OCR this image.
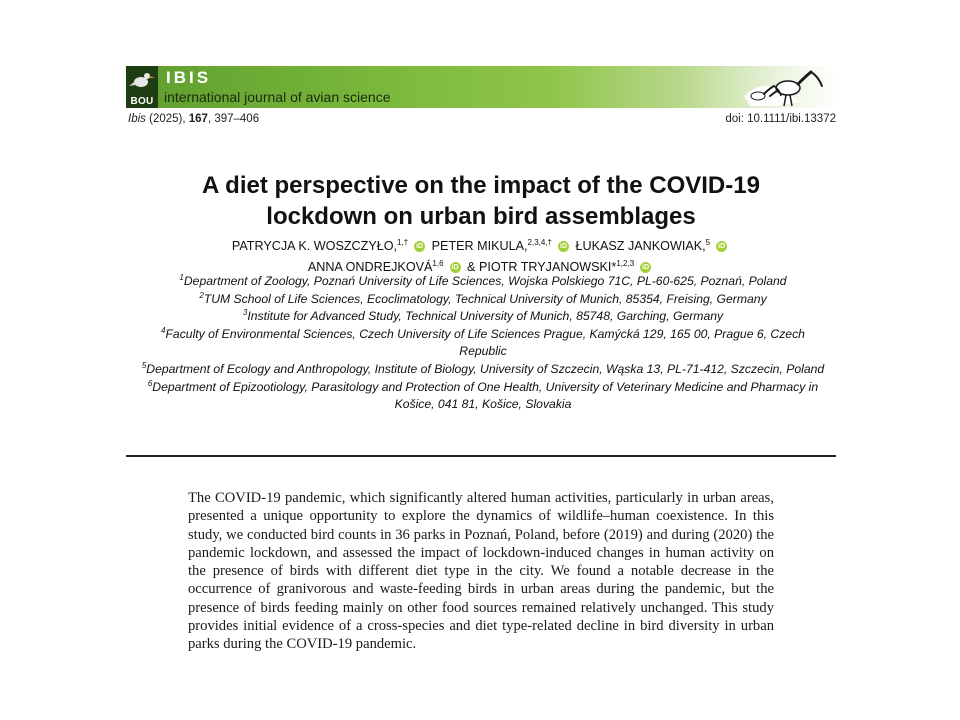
BOU
IBIS
international journal of avian science
Ibis (2025), 167, 397–406	doi: 10.1111/ibi.13372
A diet perspective on the impact of the COVID-19
lockdown on urban bird assemblages
PATRYCJA K. WOSZCZYŁO,$^{1,\dagger}$ iD PETER MIKULA,$^{2,3,4,\dagger}$ iD ŁUKASZ JANKOWIAK,$^5$ iD
ANNA ONDREJKOVÁ$^{1,6}$ iD & PIOTR TRYJANOWSKI*$^{1,2,3}$ iD

$^1$Department of Zoology, Poznań University of Life Sciences, Wojska Polskiego 71C, PL-60-625, Poznań, Poland

$^2$TUM School of Life Sciences, Ecoclimatology, Technical University of Munich, 85354, Freising, Germany

$^3$Institute for Advanced Study, Technical University of Munich, 85748, Garching, Germany

$^4$Faculty of Environmental Sciences, Czech University of Life Sciences Prague, Kamýcká 129, 165 00, Prague 6, Czech Republic

$^5$Department of Ecology and Anthropology, Institute of Biology, University of Szczecin, Wąska 13, PL-71-412, Szczecin, Poland

$^6$Department of Epizootiology, Parasitology and Protection of One Health, University of Veterinary Medicine and Pharmacy in Košice, 041 81, Košice, Slovakia

The COVID-19 pandemic, which significantly altered human activities, particularly in urban areas, presented a unique opportunity to explore the dynamics of wildlife–human coexistence. In this study, we conducted bird counts in 36 parks in Poznań, Poland, before (2019) and during (2020) the pandemic lockdown, and assessed the impact of lockdown-induced changes in human activity on the presence of birds with different diet type in the city. We found a notable decrease in the occurrence of granivorous and waste-feeding birds in urban areas during the pandemic, but the presence of birds feeding mainly on other food sources remained relatively unchanged. This study provides initial evidence of a cross-species and diet type-related decline in bird diversity in urban parks during the COVID-19 pandemic.
